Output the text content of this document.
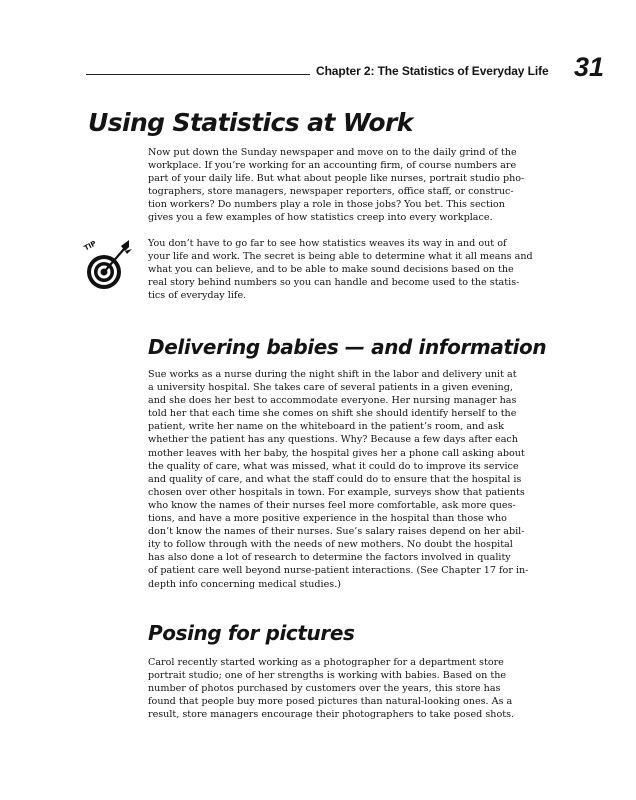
Chapter 2: The Statistics of Everyday Life 31
Using Statistics at Work
Now put down the Sunday newspaper and move on to the daily grind of the
workplace. If you’re working for an accounting firm, of course numbers are
part of your daily life. But what about people like nurses, portrait studio pho-
tographers, store managers, newspaper reporters, office staff, or construc-
tion workers? Do numbers play a role in those jobs? You bet. This section
gives you a few examples of how statistics creep into every workplace.
TIP	You don’t have to go far to see how statistics weaves its way in and out of
your life and work. The secret is being able to determine what it all means and
what you can believe, and to be able to make sound decisions based on the
real story behind numbers so you can handle and become used to the statis-
tics of everyday life.
Delivering babies — and information
Sue works as a nurse during the night shift in the labor and delivery unit at
a university hospital. She takes care of several patients in a given evening,
and she does her best to accommodate everyone. Her nursing manager has
told her that each time she comes on shift she should identify herself to the
patient, write her name on the whiteboard in the patient’s room, and ask
whether the patient has any questions. Why? Because a few days after each
mother leaves with her baby, the hospital gives her a phone call asking about
the quality of care, what was missed, what it could do to improve its service
and quality of care, and what the staff could do to ensure that the hospital is
chosen over other hospitals in town. For example, surveys show that patients
who know the names of their nurses feel more comfortable, ask more ques-
tions, and have a more positive experience in the hospital than those who
don’t know the names of their nurses. Sue’s salary raises depend on her abil-
ity to follow through with the needs of new mothers. No doubt the hospital
has also done a lot of research to determine the factors involved in quality
of patient care well beyond nurse-patient interactions. (See Chapter 17 for in-
depth info concerning medical studies.)
Posing for pictures
Carol recently started working as a photographer for a department store
portrait studio; one of her strengths is working with babies. Based on the
number of photos purchased by customers over the years, this store has
found that people buy more posed pictures than natural-looking ones. As a
result, store managers encourage their photographers to take posed shots.
